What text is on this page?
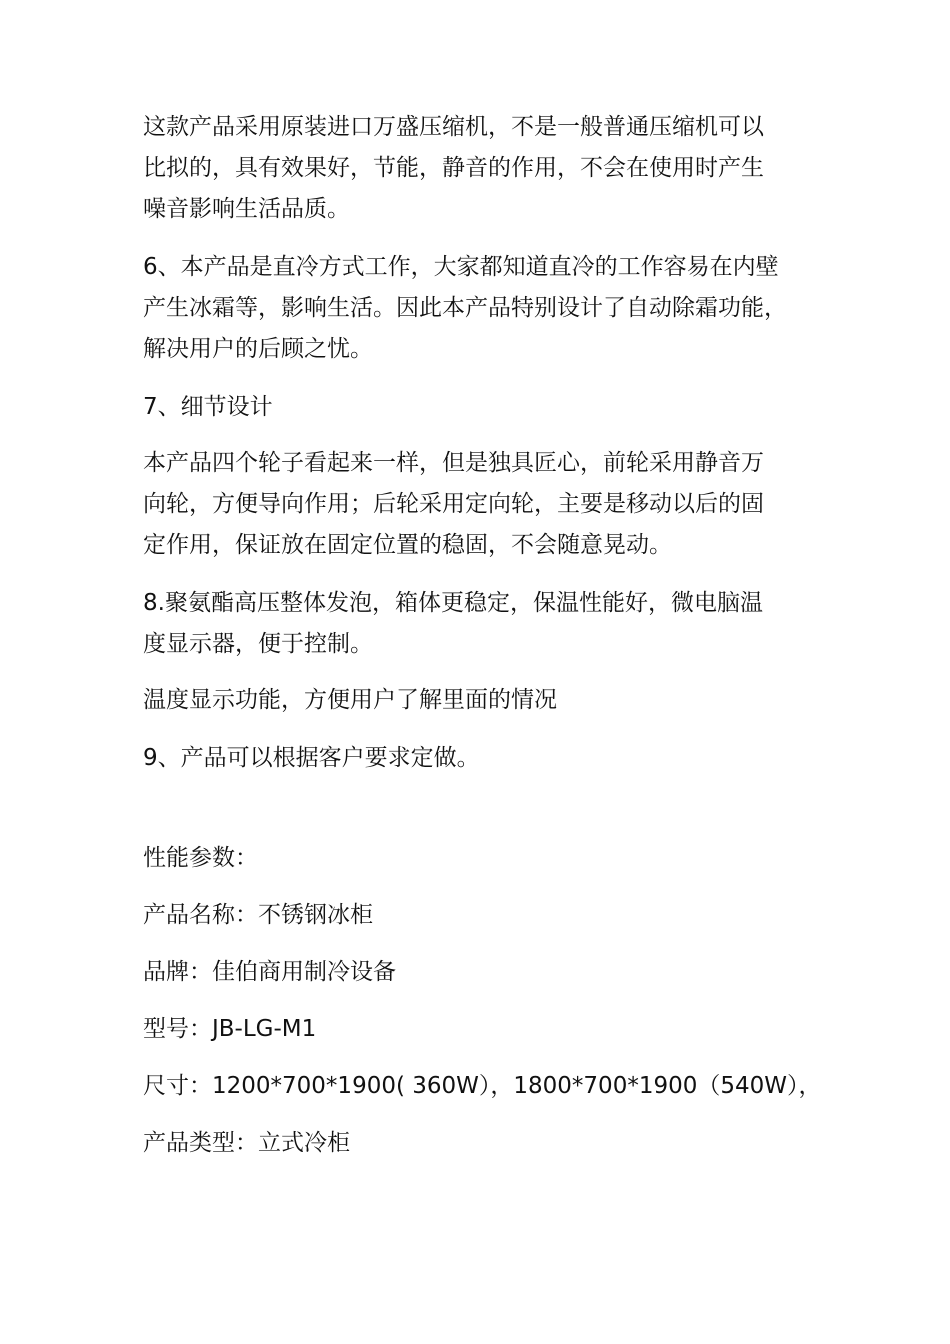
这款产品采用原装进口万盛压缩机，不是一般普通压缩机可以
比拟的，具有效果好，节能，静音的作用，不会在使用时产生
噪音影响生活品质。
6、本产品是直冷方式工作，大家都知道直冷的工作容易在内壁
产生冰霜等，影响生活。因此本产品特别设计了自动除霜功能，
解决用户的后顾之忧。
7、细节设计
本产品四个轮子看起来一样，但是独具匠心，前轮采用静音万
向轮，方便导向作用；后轮采用定向轮，主要是移动以后的固
定作用，保证放在固定位置的稳固，不会随意晃动。
8.聚氨酯高压整体发泡，箱体更稳定，保温性能好，微电脑温
度显示器，便于控制。
温度显示功能，方便用户了解里面的情况
9、产品可以根据客户要求定做。
性能参数：
产品名称：不锈钢冰柜
品牌：佳伯商用制冷设备
型号：JB-LG-M1
尺寸：1200*700*1900( 360W），1800*700*1900（540W），
产品类型：立式冷柜
